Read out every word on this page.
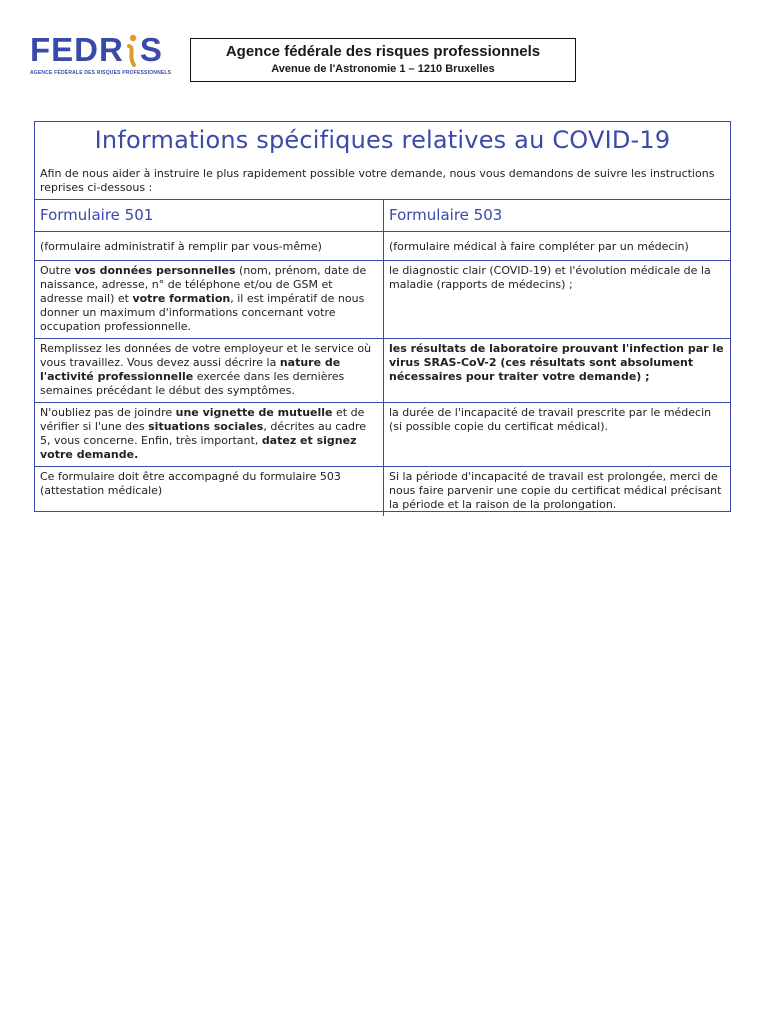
FEDR S
AGENCE FÉDÉRALE DES RISQUES PROFESSIONNELS
Agence fédérale des risques professionnels
Avenue de l'Astronomie 1 – 1210 Bruxelles
Informations spécifiques relatives au COVID-19
Afin de nous aider à instruire le plus rapidement possible votre demande, nous vous demandons de suivre les instructions reprises ci-dessous :
Formulaire 501	Formulaire 503
(formulaire administratif à remplir par vous-même)	(formulaire médical à faire compléter par un médecin)
Outre vos données personnelles (nom, prénom, date de naissance, adresse, n° de téléphone et/ou de GSM et adresse mail) et votre formation, il est impératif de nous donner un maximum d'informations concernant votre occupation professionnelle.	le diagnostic clair (COVID-19) et l'évolution médicale de la maladie (rapports de médecins) ;
Remplissez les données de votre employeur et le service où vous travaillez. Vous devez aussi décrire la nature de l'activité professionnelle exercée dans les dernières semaines précédant le début des symptômes.	les résultats de laboratoire prouvant l'infection par le virus SRAS-CoV-2 (ces résultats sont absolument nécessaires pour traiter votre demande) ;
N'oubliez pas de joindre une vignette de mutuelle et de vérifier si l'une des situations sociales, décrites au cadre 5, vous concerne. Enfin, très important, datez et signez votre demande.	la durée de l'incapacité de travail prescrite par le médecin (si possible copie du certificat médical).
Ce formulaire doit être accompagné du formulaire 503 (attestation médicale)	Si la période d'incapacité de travail est prolongée, merci de nous faire parvenir une copie du certificat médical précisant la période et la raison de la prolongation.
